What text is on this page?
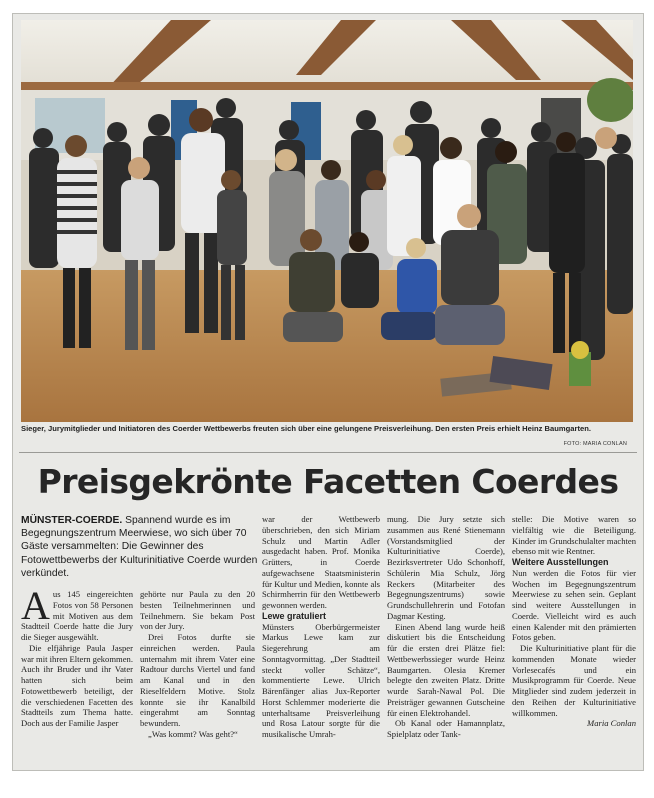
Sieger, Jurymitglieder und Initiatoren des Coerder Wettbewerbs freuten sich über eine gelungene Preisverleihung. Den ersten Preis erhielt Heinz Baumgarten.
FOTO: MARIA CONLAN
Preisgekrönte Facetten Coerdes
MÜNSTER-COERDE. Spannend wurde es im Begegnungszentrum Meerwiese, wo sich über 70 Gäste versammelten: Die Gewinner des Fotowettbewerbs der Kulturinitiative Coerde wurden verkündet.

Aus 145 eingereichten Fotos von 58 Personen mit Motiven aus dem Stadtteil Coerde hatte die Jury die Sieger ausgewählt.

Die elfjährige Paula Jasper war mit ihren Eltern gekommen. Auch ihr Bruder und ihr Vater hatten sich beim Fotowettbewerb beteiligt, der die verschiedenen Facetten des Stadtteils zum Thema hatte. Doch aus der Familie Jasper

gehörte nur Paula zu den 20 besten Teilnehmerinnen und Teilnehmern. Sie bekam Post von der Jury.

Drei Fotos durfte sie einreichen werden. Paula unternahm mit ihrem Vater eine Radtour durchs Viertel und fand am Kanal und in den Rieselfeldern Motive. Stolz konnte sie ihr Kanalbild eingerahmt am Sonntag bewundern.

„Was kommt? Was geht?“

war der Wettbewerb überschrieben, den sich Miriam Schulz und Martin Adler ausgedacht haben. Prof. Monika Grütters, in Coerde aufgewachsene Staatsministerin für Kultur und Medien, konnte als Schirmherrin für den Wettbewerb gewonnen werden.

Lewe gratuliert

Münsters Oberbürgermeister Markus Lewe kam zur Siegerehrung am Sonntagvormittag. „Der Stadtteil steckt voller Schätze“, kommentierte Lewe. Ulrich Bärenfänger alias Jux-Reporter Horst Schlemmer moderierte die unterhaltsame Preisverleihung und Rosa Latour sorgte für die musikalische Umrah-

mung. Die Jury setzte sich zusammen aus René Stienemann (Vorstandsmitglied der Kulturinitiative Coerde), Bezirksvertreter Udo Schonhoff, Schülerin Mia Schulz, Jörg Reckers (Mitarbeiter des Begegnungszentrums) sowie Grundschullehrerin und Fotofan Dagmar Kesting.

Einen Abend lang wurde heiß diskutiert bis die Entscheidung für die ersten drei Plätze fiel: Wettbewerbssieger wurde Heinz Baumgarten. Olesia Kremer belegte den zweiten Platz. Dritte wurde Sarah-Nawal Pol. Die Preisträger gewannen Gutscheine für einen Elektrohandel.

Ob Kanal oder Hamannplatz, Spielplatz oder Tank-

stelle: Die Motive waren so vielfältig wie die Beteiligung. Kinder im Grundschulalter machten ebenso mit wie Rentner.

Weitere Ausstellungen

Nun werden die Fotos für vier Wochen im Begegnungszentrum Meerwiese zu sehen sein. Geplant sind weitere Ausstellungen in Coerde. Vielleicht wird es auch einen Kalender mit den prämierten Fotos geben.

Die Kulturinitiative plant für die kommenden Monate wieder Vorlesecafés und ein Musikprogramm für Coerde. Neue Mitglieder sind zudem jederzeit in den Reihen der Kulturinitiative willkommen.

Maria Conlan
